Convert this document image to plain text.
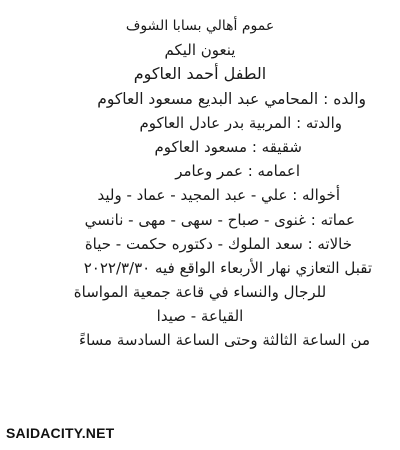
عموم أهالي بسابا الشوف
ينعون اليكم
الطفل أحمد العاكوم
والده : المحامي عبد البديع مسعود العاكوم
والدته : المربية بدر عادل العاكوم
شقيقه : مسعود العاكوم
اعمامه : عمر وعامر
أخواله : علي - عبد المجيد - عماد - وليد
عماته : غنوى - صباح - سهى - مهى - نانسي
خالاته : سعد الملوك - دكتوره حكمت - حياة
تقبل التعازي نهار الأربعاء الواقع فيه ٢٠٢٢/٣/٣٠
للرجال والنساء في قاعة جمعية المواساة
القياعة - صيدا
من الساعة الثالثة وحتى الساعة السادسة مساءً
SAIDACITY.NET
